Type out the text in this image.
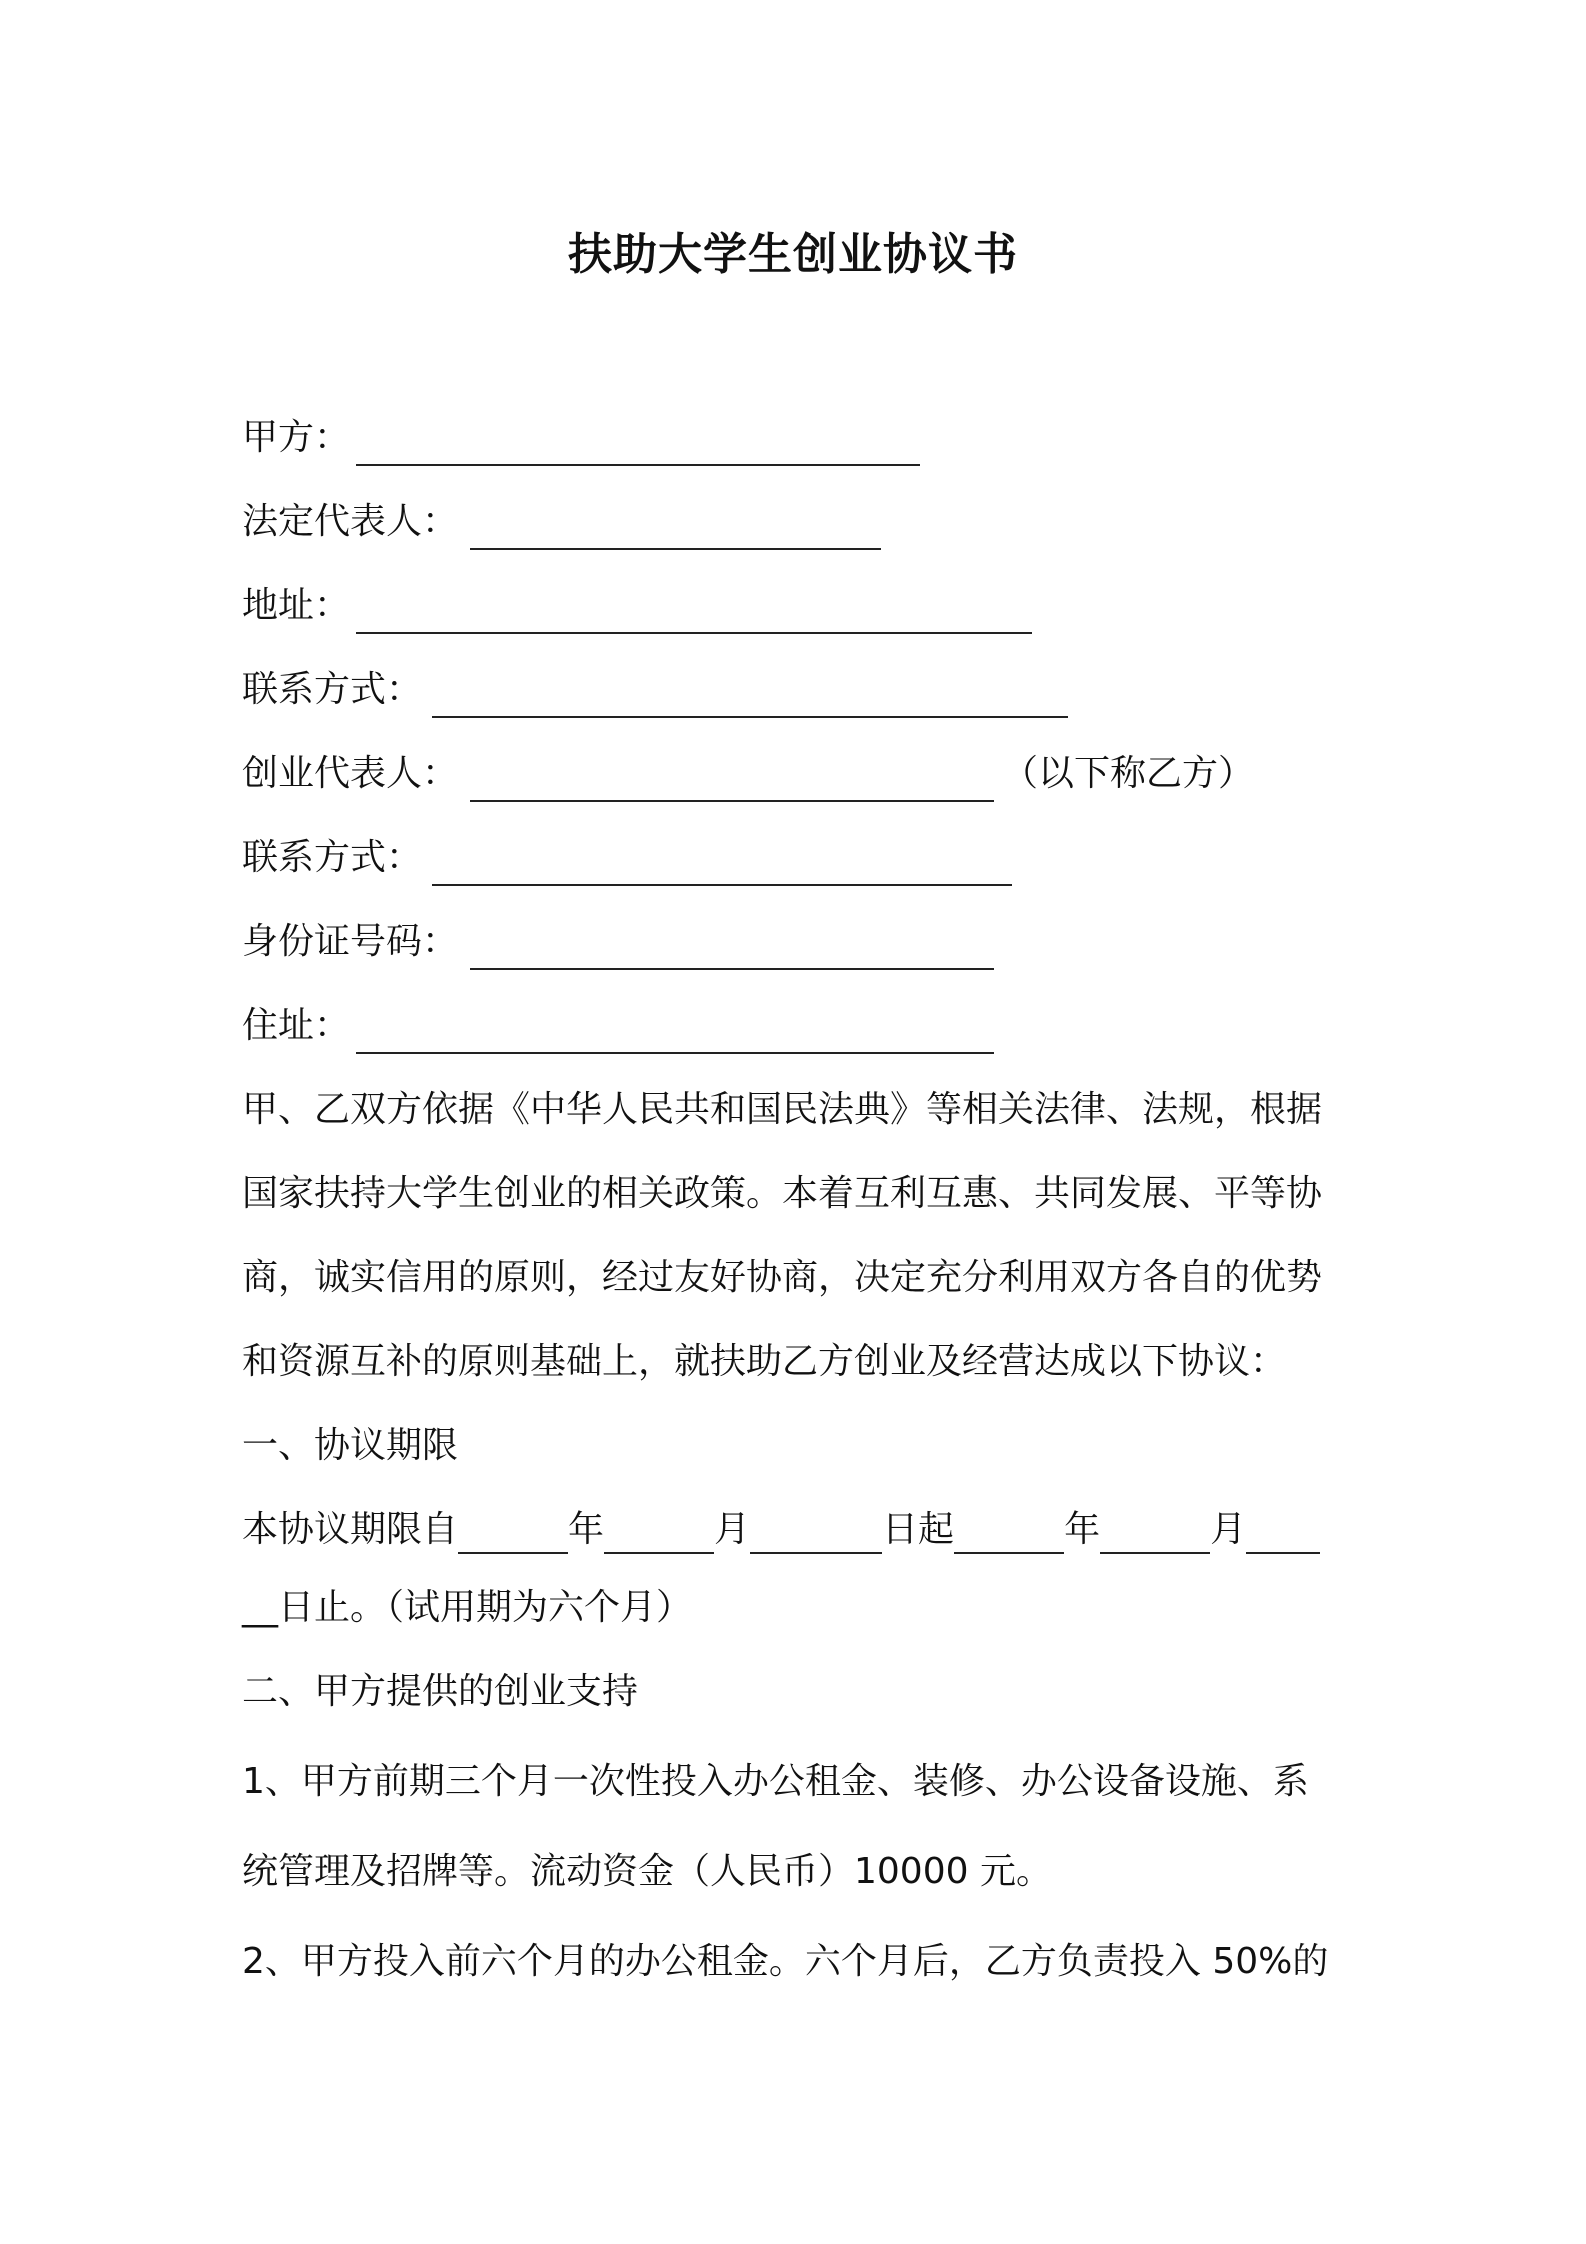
扶助大学生创业协议书
甲方：
法定代表人：
地址：
联系方式：
创业代表人：	（以下称乙方）
联系方式：
身份证号码：
住址：
甲、乙双方依据《中华人民共和国民法典》等相关法律、法规，根据
国家扶持大学生创业的相关政策。本着互利互惠、共同发展、平等协
商，诚实信用的原则，经过友好协商，决定充分利用双方各自的优势
和资源互补的原则基础上，就扶助乙方创业及经营达成以下协议：
一、协议期限
本协议期限自	年	月	日起	年	月
__日止。（试用期为六个月）
二、甲方提供的创业支持
1、甲方前期三个月一次性投入办公租金、装修、办公设备设施、系
统管理及招牌等。流动资金（人民币）10000 元。
2、甲方投入前六个月的办公租金。六个月后，乙方负责投入 50%的
